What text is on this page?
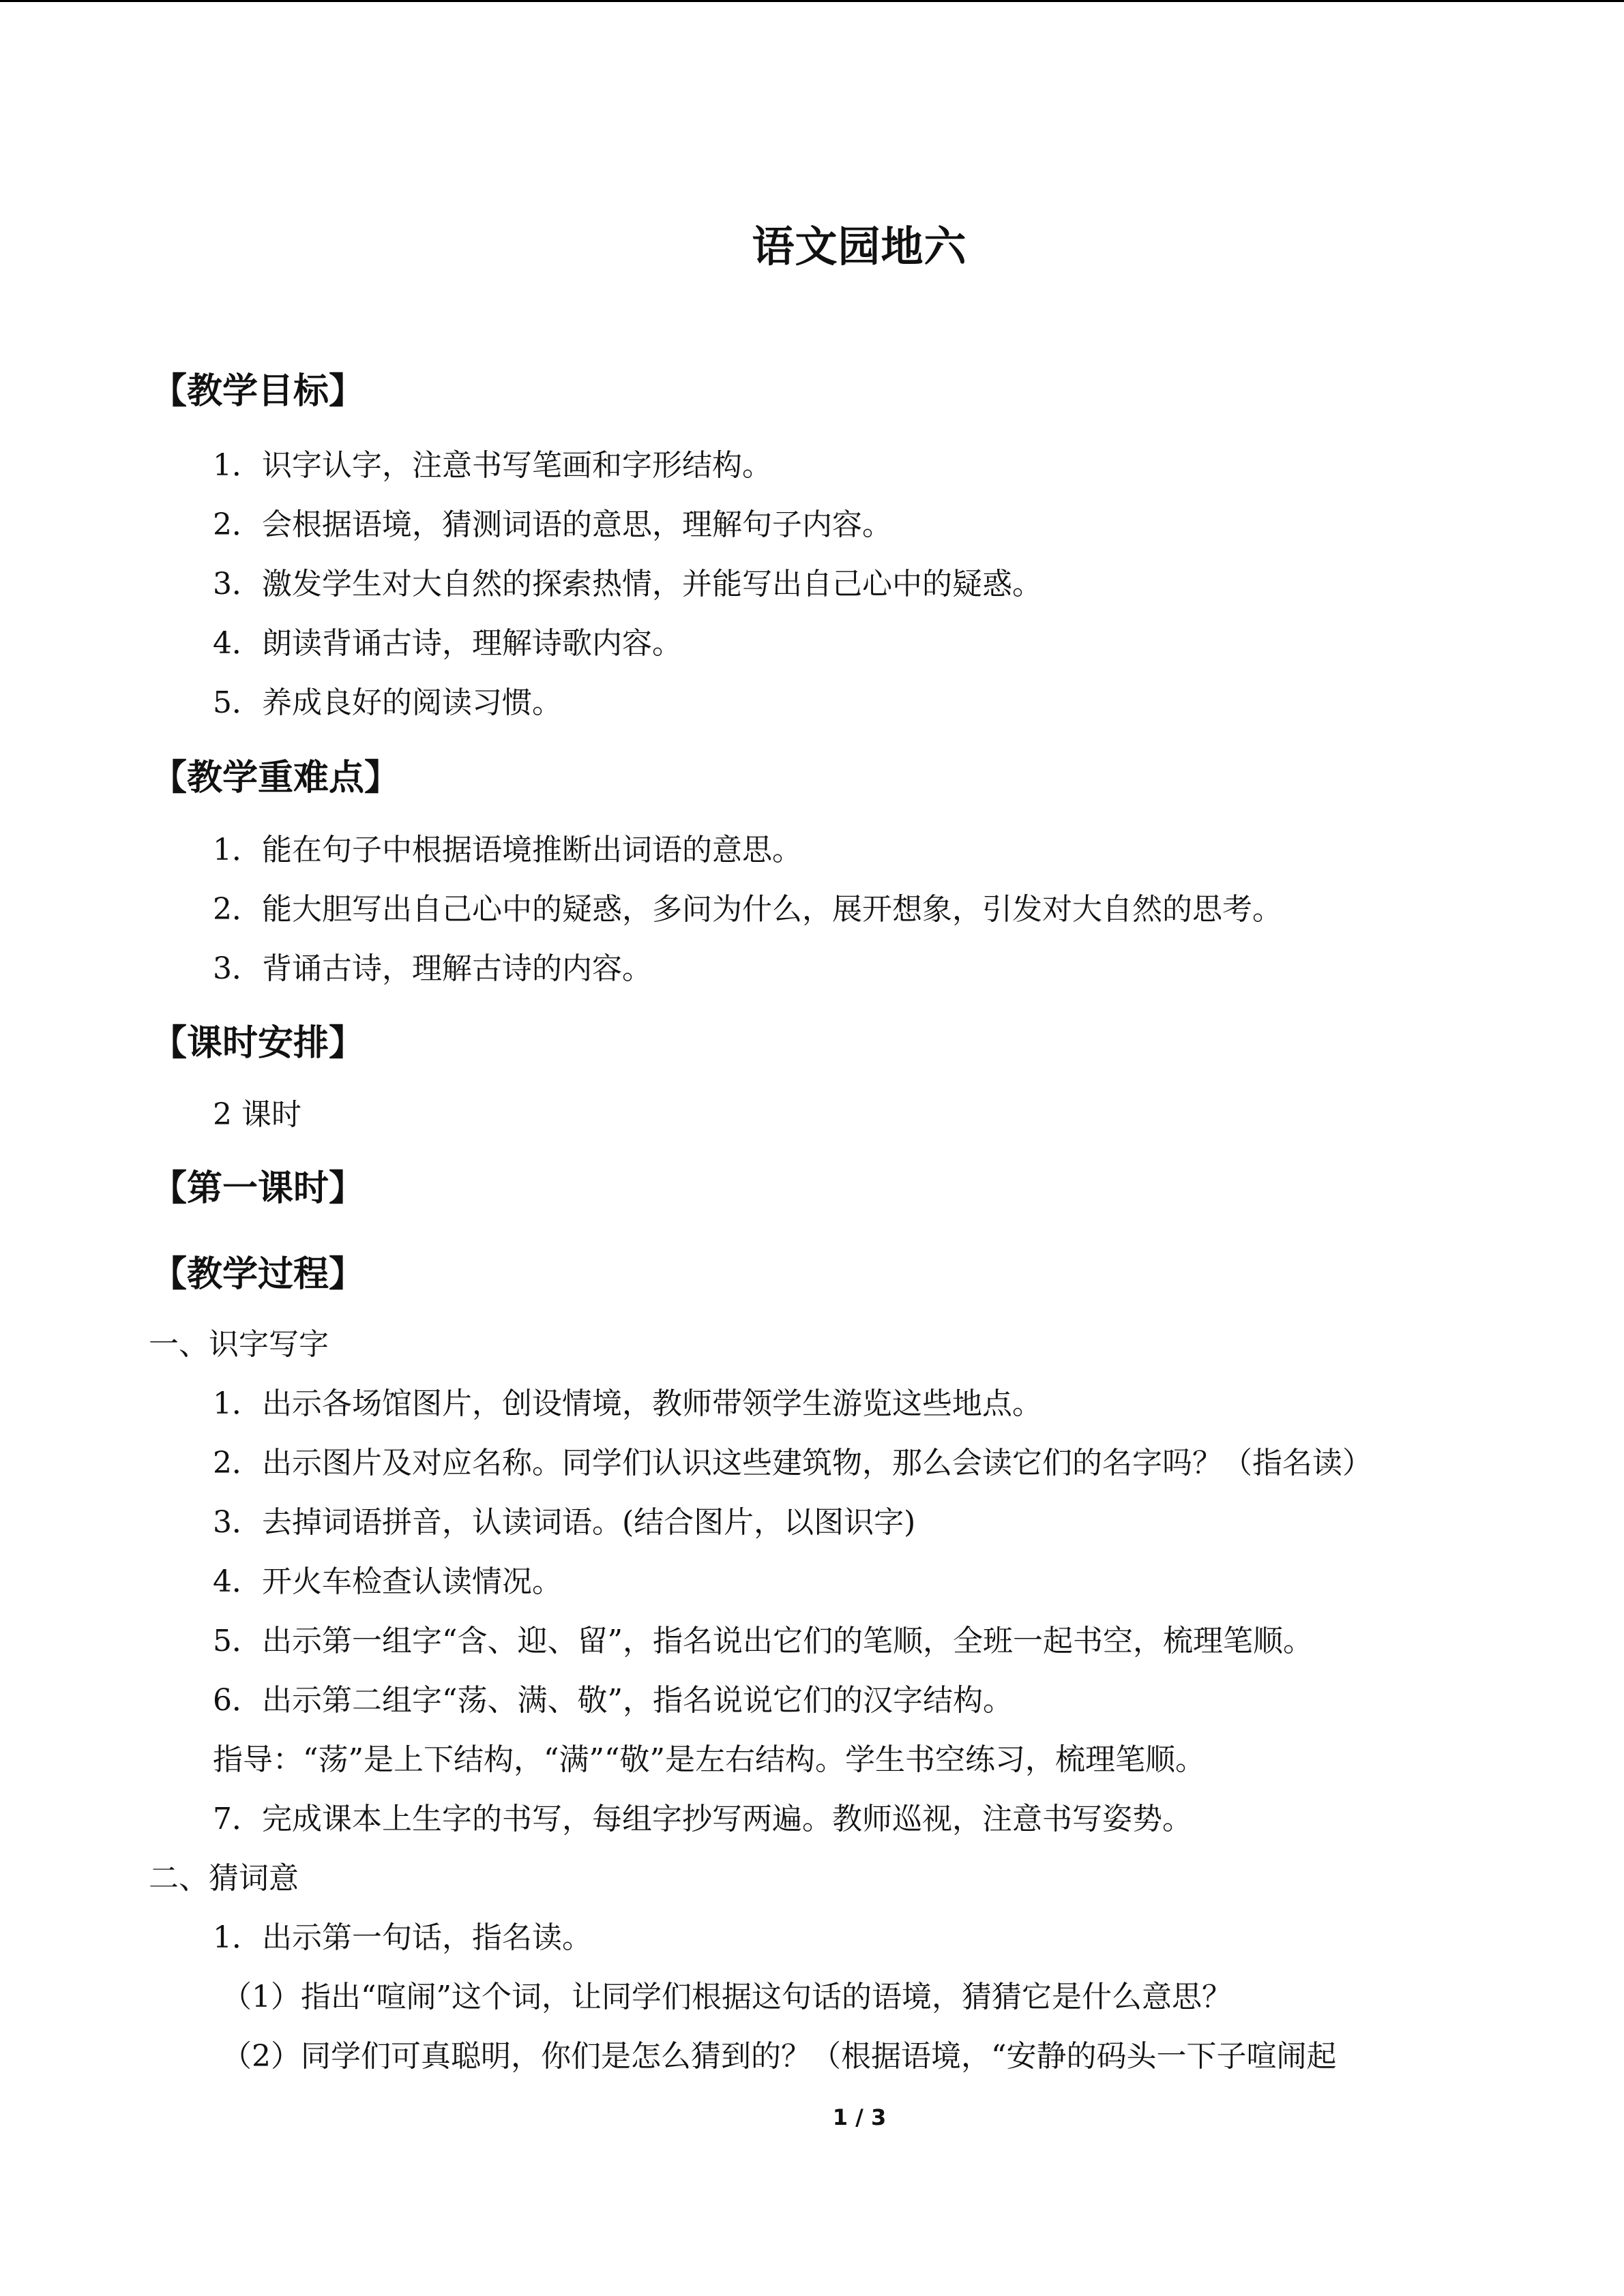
语文园地六
【教学目标】
1．识字认字，注意书写笔画和字形结构。
2．会根据语境，猜测词语的意思，理解句子内容。
3．激发学生对大自然的探索热情，并能写出自己心中的疑惑。
4．朗读背诵古诗，理解诗歌内容。
5．养成良好的阅读习惯。
【教学重难点】
1．能在句子中根据语境推断出词语的意思。
2．能大胆写出自己心中的疑惑，多问为什么，展开想象，引发对大自然的思考。
3．背诵古诗，理解古诗的内容。
【课时安排】
2 课时
【第一课时】
【教学过程】
一、识字写字
1．出示各场馆图片，创设情境，教师带领学生游览这些地点。
2．出示图片及对应名称。同学们认识这些建筑物，那么会读它们的名字吗？（指名读）
3．去掉词语拼音，认读词语。(结合图片，以图识字)
4．开火车检查认读情况。
5．出示第一组字“含、迎、留”，指名说出它们的笔顺，全班一起书空，梳理笔顺。
6．出示第二组字“荡、满、敬”，指名说说它们的汉字结构。
指导：“荡”是上下结构，“满”“敬”是左右结构。学生书空练习，梳理笔顺。
7．完成课本上生字的书写，每组字抄写两遍。教师巡视，注意书写姿势。
二、猜词意
1．出示第一句话，指名读。
（1）指出“喧闹”这个词，让同学们根据这句话的语境，猜猜它是什么意思？
（2）同学们可真聪明，你们是怎么猜到的？（根据语境，“安静的码头一下子喧闹起
1 / 3
